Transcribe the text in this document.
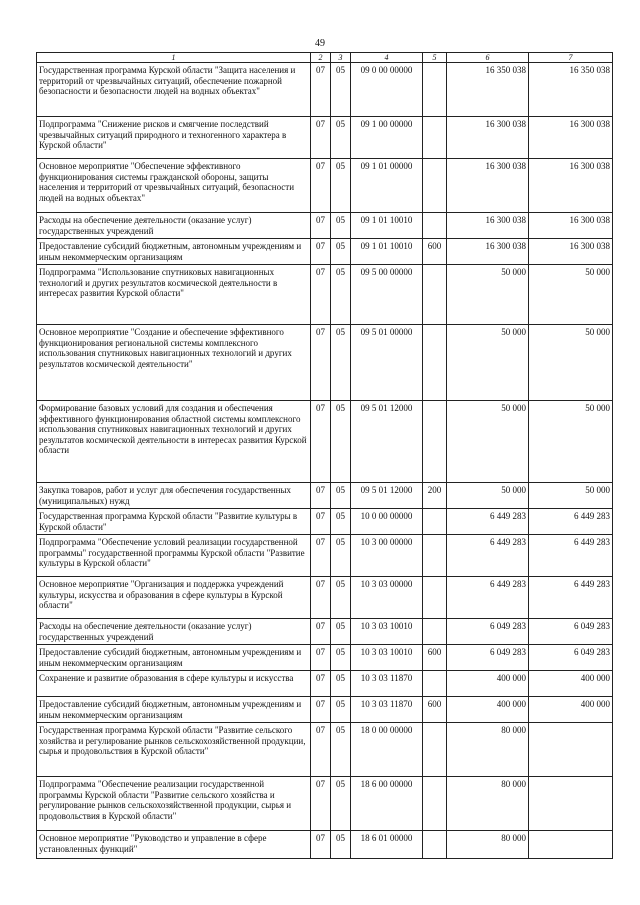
49
1	2	3	4	5	6	7
Государственная программа Курской области "Защита населения и территорий от чрезвычайных ситуаций, обеспечение пожарной безопасности и безопасности людей на водных объектах"	07	05	09 0 00 00000		16 350 038	16 350 038
Подпрограмма "Снижение рисков и смягчение последствий чрезвычайных ситуаций природного и техногенного характера в Курской области"	07	05	09 1 00 00000		16 300 038	16 300 038
Основное мероприятие "Обеспечение эффективного функционирования системы гражданской обороны, защиты населения и территорий от чрезвычайных ситуаций, безопасности людей на водных объектах"	07	05	09 1 01 00000		16 300 038	16 300 038
Расходы на обеспечение деятельности (оказание услуг) государственных учреждений	07	05	09 1 01 10010		16 300 038	16 300 038
Предоставление субсидий бюджетным, автономным учреждениям и иным некоммерческим организациям	07	05	09 1 01 10010	600	16 300 038	16 300 038
Подпрограмма "Использование спутниковых навигационных технологий и других результатов космической деятельности в интересах развития Курской области"	07	05	09 5 00 00000		50 000	50 000
Основное мероприятие "Создание и обеспечение эффективного функционирования региональной системы комплексного использования спутниковых навигационных технологий и других результатов космической деятельности"	07	05	09 5 01 00000		50 000	50 000
Формирование базовых условий для создания и обеспечения эффективного функционирования областной системы комплексного использования спутниковых навигационных технологий и других результатов космической деятельности в интересах развития Курской области	07	05	09 5 01 12000		50 000	50 000
Закупка товаров, работ и услуг для обеспечения государственных (муниципальных) нужд	07	05	09 5 01 12000	200	50 000	50 000
Государственная программа Курской области "Развитие культуры в Курской области"	07	05	10 0 00 00000		6 449 283	6 449 283
Подпрограмма "Обеспечение условий реализации государственной программы" государственной программы Курской области "Развитие культуры в Курской области"	07	05	10 3 00 00000		6 449 283	6 449 283
Основное мероприятие "Организация и поддержка учреждений культуры, искусства и образования в сфере культуры в Курской области"	07	05	10 3 03 00000		6 449 283	6 449 283
Расходы на обеспечение деятельности (оказание услуг) государственных учреждений	07	05	10 3 03 10010		6 049 283	6 049 283
Предоставление субсидий бюджетным, автономным учреждениям и иным некоммерческим организациям	07	05	10 3 03 10010	600	6 049 283	6 049 283
Сохранение и развитие образования в сфере культуры и искусства	07	05	10 3 03 11870		400 000	400 000
Предоставление субсидий бюджетным, автономным учреждениям и иным некоммерческим организациям	07	05	10 3 03 11870	600	400 000	400 000
Государственная программа Курской области "Развитие сельского хозяйства и регулирование рынков сельскохозяйственной продукции, сырья и продовольствия в Курской области"	07	05	18 0 00 00000		80 000	
Подпрограмма "Обеспечение реализации государственной программы Курской области "Развитие сельского хозяйства и регулирование рынков сельскохозяйственной продукции, сырья и продовольствия в Курской области"	07	05	18 6 00 00000		80 000	
Основное мероприятие "Руководство и управление в сфере установленных функций"	07	05	18 6 01 00000		80 000	
